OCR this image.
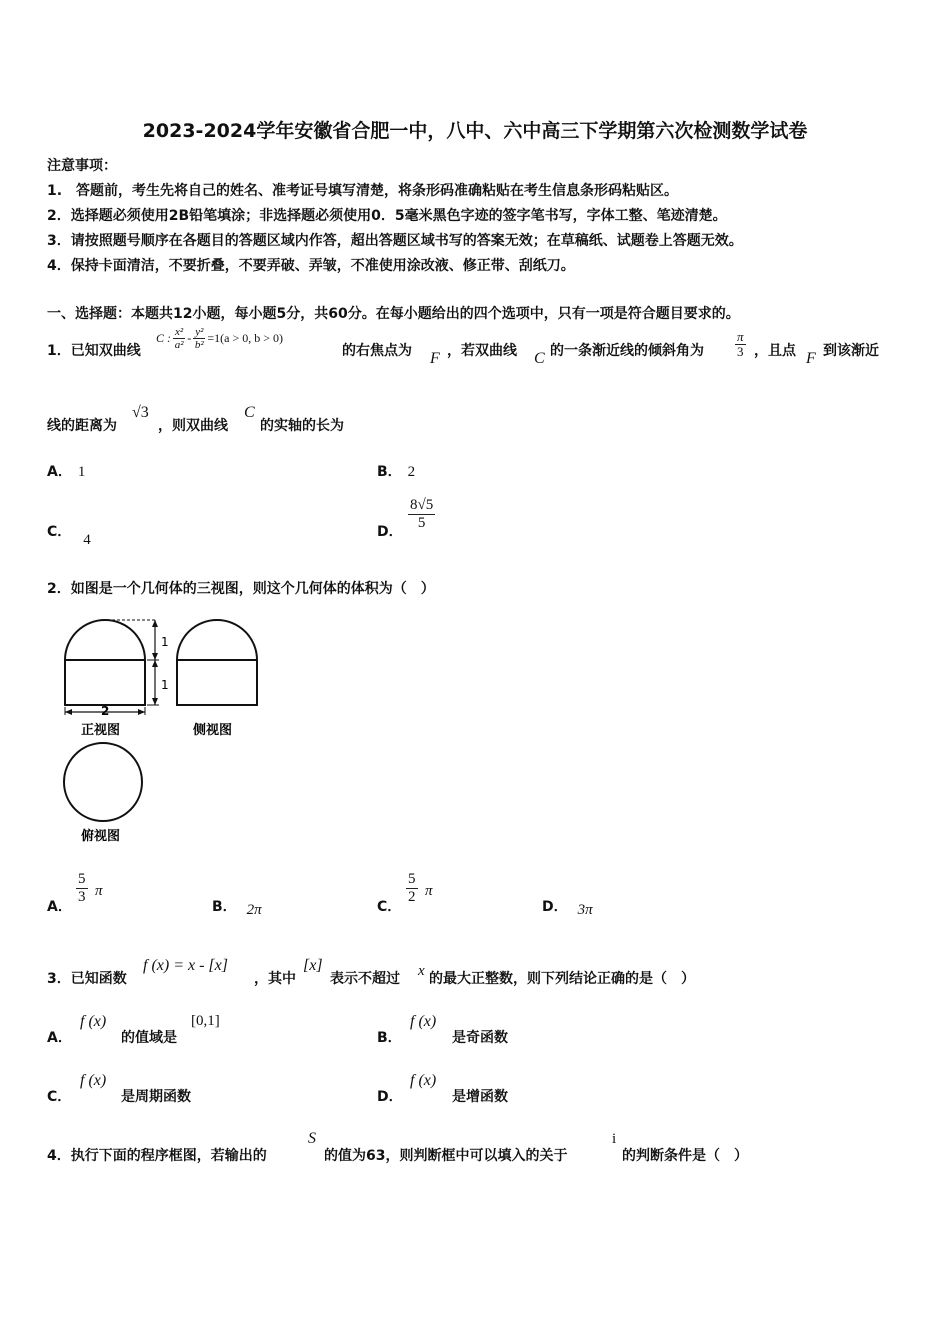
2023-2024学年安徽省合肥一中，八中、六中高三下学期第六次检测数学试卷
注意事项：
1.　答题前，考生先将自己的姓名、准考证号填写清楚，将条形码准确粘贴在考生信息条形码粘贴区。
2．选择题必须使用2B铅笔填涂；非选择题必须使用0．5毫米黑色字迹的签字笔书写，字体工整、笔迹清楚。
3．请按照题号顺序在各题目的答题区域内作答，超出答题区域书写的答案无效；在草稿纸、试题卷上答题无效。
4．保持卡面清洁，不要折叠，不要弄破、弄皱，不准使用涂改液、修正带、刮纸刀。
一、选择题：本题共12小题，每小题5分，共60分。在每小题给出的四个选项中，只有一项是符合题目要求的。
1．已知双曲线
C : $\frac{\text{x²}}{\text{a²}} - \frac{\text{y²}}{\text{b²}} =1(a > 0$, b > 0)
的右焦点为 F ，若双曲线 C 的一条渐近线的倾斜角为 $\frac{\pi}{3}$ ，且点 F 到该渐近
线的距离为
√3
，则双曲线
C
的实轴的长为
A． 1	B． 2
C． 4	D．
$\frac{8√5}{5}$
2．如图是一个几何体的三视图，则这个几何体的体积为（　）
1
1
2
正视图	侧视图
俯视图
A．
$\frac{5}{3}$ π
B． 2π	C．
$\frac{5}{2}$ π
D． 3π
3．已知函数
f (x) = x - [x]
，其中
[x]
表示不超过 x 的最大正整数，则下列结论正确的是（　）
A．
f (x)
的值域是
[0,1]
B．
f (x)
是奇函数
C．
f (x)
是周期函数	D．
f (x)
是增函数
4．执行下面的程序框图，若输出的
S
的值为63，则判断框中可以填入的关于
i
的判断条件是（　）
